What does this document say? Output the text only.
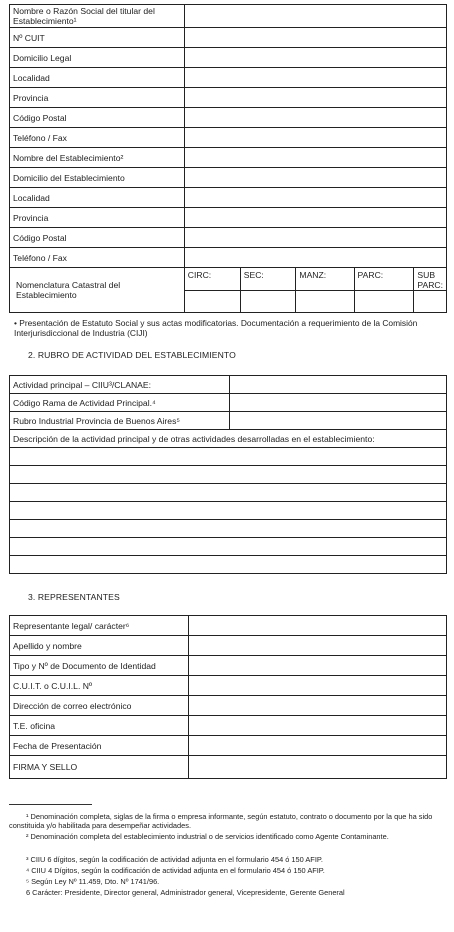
Nombre o Razón Social del titular del Establecimiento¹					
Nº CUIT					
Domicilio Legal					
Localidad					
Provincia					
Código Postal					
Teléfono / Fax					
Nombre del Establecimiento²					
Domicilio del Establecimiento					
Localidad					
Provincia					
Código Postal					
Teléfono / Fax					
Nomenclatura Catastral del Establecimiento	CIRC:	SEC:	MANZ:	PARC:	SUB PARC:

• Presentación de Estatuto Social y sus actas modificatorias. Documentación a requerimiento de la Comisión Interjurisdiccional de Industria (CIJI)
2. RUBRO DE ACTIVIDAD DEL ESTABLECIMIENTO
Actividad principal – CIIU³/CLANAE:	
Código Rama de Actividad Principal.⁴	
Rubro Industrial Provincia de Buenos Aires⁵	
Descripción de la actividad principal y de otras actividades desarrolladas en el establecimiento:	

3. REPRESENTANTES
Representante legal/ carácter⁶	
Apellido y nombre	
Tipo y Nº de Documento de Identidad	
C.U.I.T. o C.U.I.L. Nº	
Dirección de correo electrónico	
T.E. oficina	
Fecha de Presentación	
FIRMA Y SELLO	
¹ Denominación completa, siglas de la firma o empresa informante, según estatuto, contrato o documento por la que ha sido constituida y/o habilitada para desempeñar actividades.
² Denominación completa del establecimiento industrial o de servicios identificado como Agente Contaminante.
³ CIIU 6 dígitos, según la codificación de actividad adjunta en el formulario 454 ó 150 AFIP.
⁴ CIIU 4 Dígitos, según la codificación de actividad adjunta en el formulario 454 ó 150 AFIP.
⁵ Según Ley Nº 11.459, Dto. Nº 1741/96.
6 Carácter: Presidente, Director general, Administrador general, Vicepresidente, Gerente General
